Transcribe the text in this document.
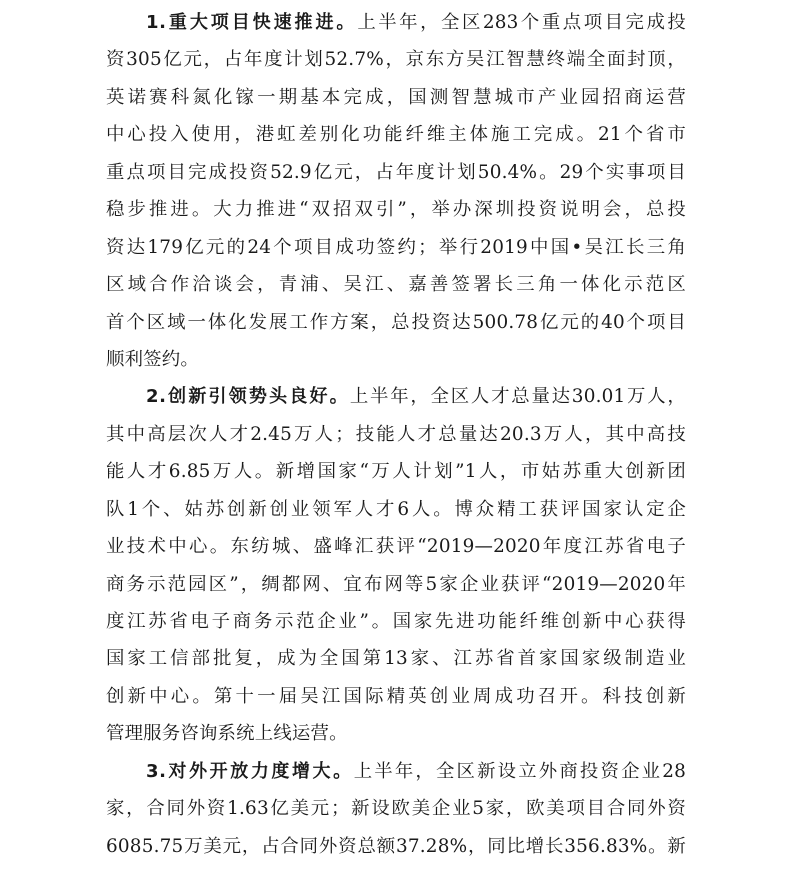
1.重大项目快速推进。上半年，全区283个重点项目完成投
资305亿元，占年度计划52.7%，京东方吴江智慧终端全面封顶，
英诺赛科氮化镓一期基本完成，国测智慧城市产业园招商运营
中心投入使用，港虹差别化功能纤维主体施工完成。21个省市
重点项目完成投资52.9亿元，占年度计划50.4%。29个实事项目
稳步推进。大力推进“双招双引”，举办深圳投资说明会，总投
资达179亿元的24个项目成功签约；举行2019中国•吴江长三角
区域合作洽谈会，青浦、吴江、嘉善签署长三角一体化示范区
首个区域一体化发展工作方案，总投资达500.78亿元的40个项目
顺利签约。
2.创新引领势头良好。上半年，全区人才总量达30.01万人，
其中高层次人才2.45万人；技能人才总量达20.3万人，其中高技
能人才6.85万人。新增国家“万人计划”1人，市姑苏重大创新团
队1个、姑苏创新创业领军人才6人。博众精工获评国家认定企
业技术中心。东纺城、盛峰汇获评“2019—2020年度江苏省电子
商务示范园区”，绸都网、宜布网等5家企业获评“2019—2020年
度江苏省电子商务示范企业”。国家先进功能纤维创新中心获得
国家工信部批复，成为全国第13家、江苏省首家国家级制造业
创新中心。第十一届吴江国际精英创业周成功召开。科技创新
管理服务咨询系统上线运营。
3.对外开放力度增大。上半年，全区新设立外商投资企业28
家，合同外资1.63亿美元；新设欧美企业5家，欧美项目合同外资
6085.75万美元，占合同外资总额37.28%，同比增长356.83%。新
